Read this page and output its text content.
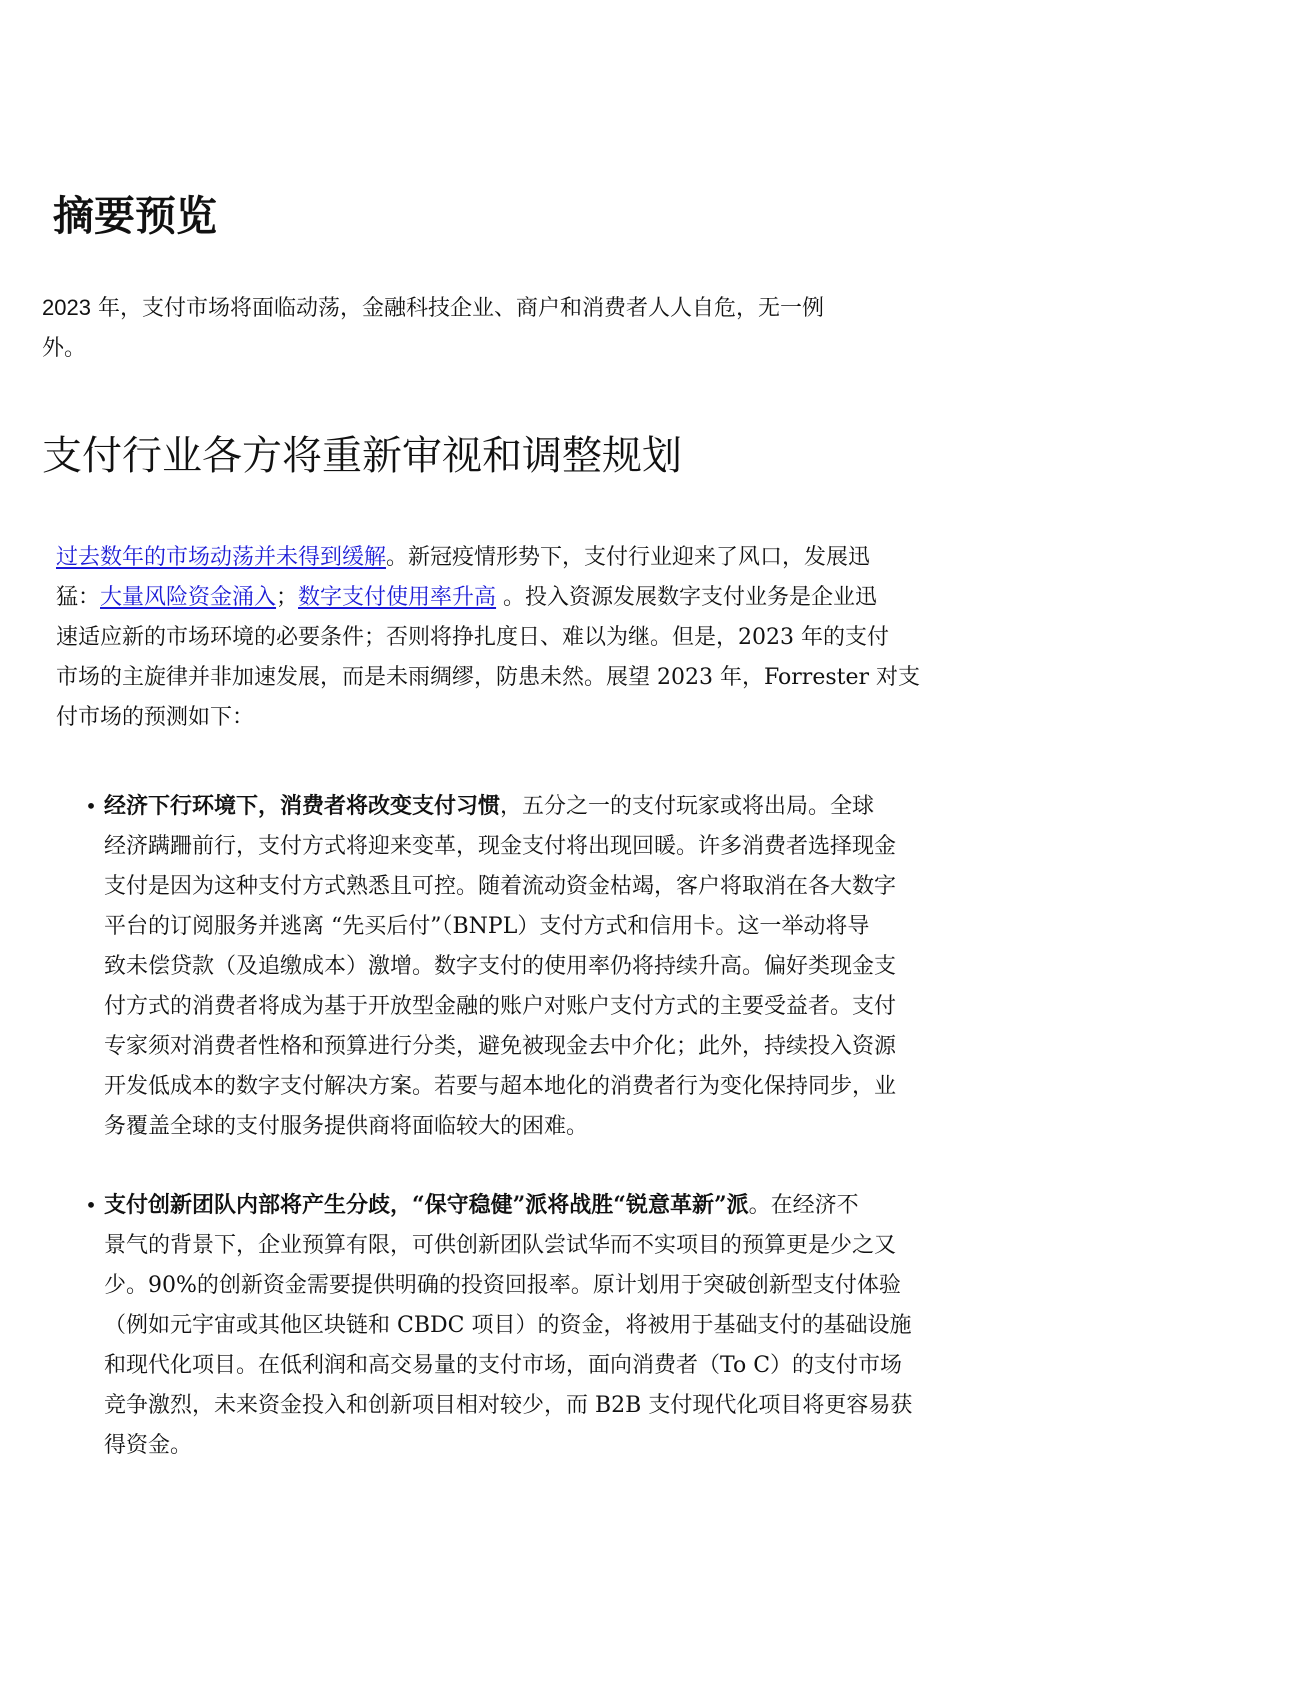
摘要预览
2023 年，支付市场将面临动荡，金融科技企业、商户和消费者人人自危，无一例
外。
支付行业各方将重新审视和调整规划
过去数年的市场动荡并未得到缓解。新冠疫情形势下，支付行业迎来了风口，发展迅
猛：大量风险资金涌入；数字支付使用率升高 。投入资源发展数字支付业务是企业迅
速适应新的市场环境的必要条件；否则将挣扎度日、难以为继。但是，2023 年的支付
市场的主旋律并非加速发展，而是未雨绸缪，防患未然。展望 2023 年，Forrester 对支
付市场的预测如下：
• 经济下行环境下，消费者将改变支付习惯，五分之一的支付玩家或将出局。全球
经济蹒跚前行，支付方式将迎来变革，现金支付将出现回暖。许多消费者选择现金
支付是因为这种支付方式熟悉且可控。随着流动资金枯竭，客户将取消在各大数字
平台的订阅服务并逃离 “先买后付”（BNPL）支付方式和信用卡。这一举动将导
致未偿贷款（及追缴成本）激增。数字支付的使用率仍将持续升高。偏好类现金支
付方式的消费者将成为基于开放型金融的账户对账户支付方式的主要受益者。支付
专家须对消费者性格和预算进行分类，避免被现金去中介化；此外，持续投入资源
开发低成本的数字支付解决方案。若要与超本地化的消费者行为变化保持同步，业
务覆盖全球的支付服务提供商将面临较大的困难。
• 支付创新团队内部将产生分歧，“保守稳健”派将战胜“锐意革新”派。在经济不
景气的背景下，企业预算有限，可供创新团队尝试华而不实项目的预算更是少之又
少。90%的创新资金需要提供明确的投资回报率。原计划用于突破创新型支付体验
（例如元宇宙或其他区块链和 CBDC 项目）的资金，将被用于基础支付的基础设施
和现代化项目。在低利润和高交易量的支付市场，面向消费者（To C）的支付市场
竞争激烈，未来资金投入和创新项目相对较少，而 B2B 支付现代化项目将更容易获
得资金。
